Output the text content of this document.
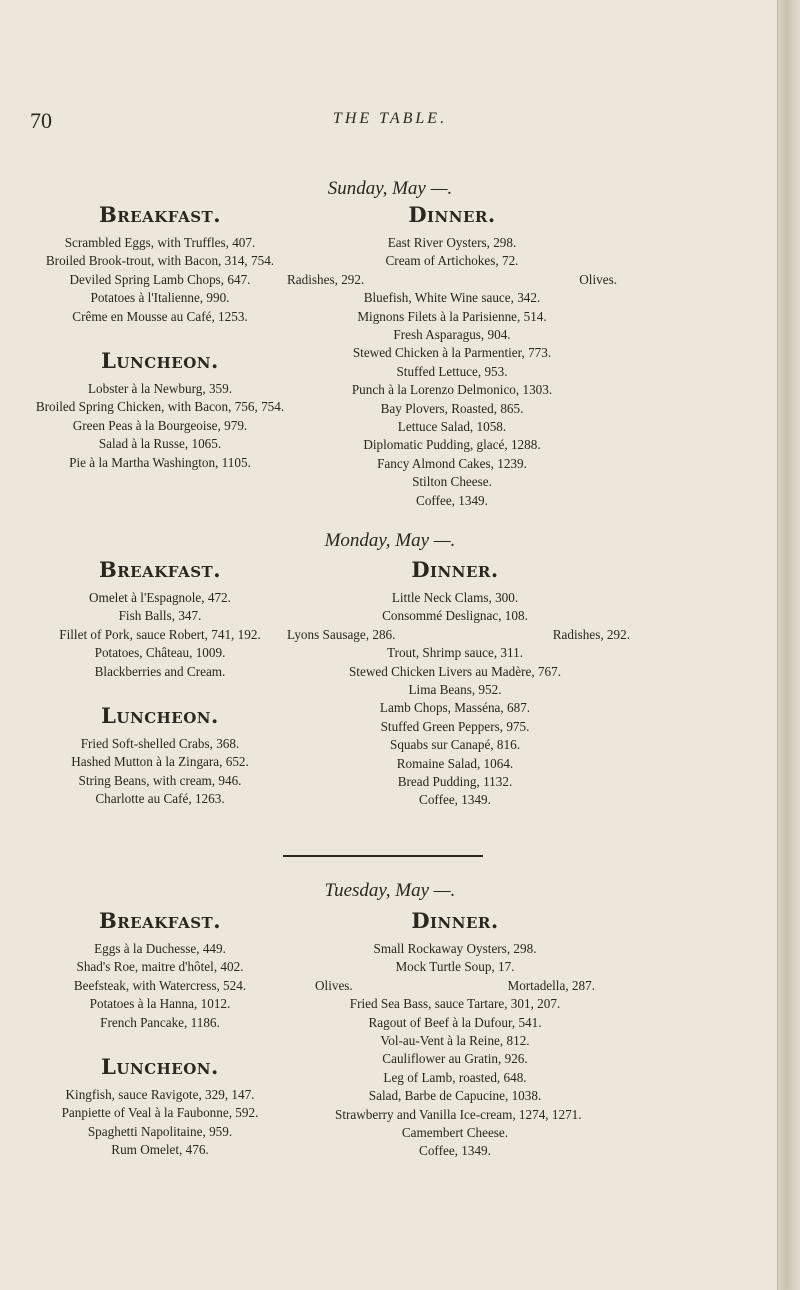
70	THE TABLE.
Sunday, May —.
Breakfast.
Scrambled Eggs, with Truffles, 407.
Broiled Brook-trout, with Bacon, 314, 754.
Deviled Spring Lamb Chops, 647.
Potatoes à l'Italienne, 990.
Crême en Mousse au Café, 1253.
Luncheon.
Lobster à la Newburg, 359.
Broiled Spring Chicken, with Bacon, 756, 754.
Green Peas à la Bourgeoise, 979.
Salad à la Russe, 1065.
Pie à la Martha Washington, 1105.
Dinner.
East River Oysters, 298.
Cream of Artichokes, 72.
Radishes, 292.	Olives.
Bluefish, White Wine sauce, 342.
Mignons Filets à la Parisienne, 514.
Fresh Asparagus, 904.
Stewed Chicken à la Parmentier, 773.
Stuffed Lettuce, 953.
Punch à la Lorenzo Delmonico, 1303.
Bay Plovers, Roasted, 865.
Lettuce Salad, 1058.
Diplomatic Pudding, glacé, 1288.
Fancy Almond Cakes, 1239.
Stilton Cheese.
Coffee, 1349.
Monday, May —.
Breakfast.
Omelet à l'Espagnole, 472.
Fish Balls, 347.
Fillet of Pork, sauce Robert, 741, 192.
Potatoes, Château, 1009.
Blackberries and Cream.
Luncheon.
Fried Soft-shelled Crabs, 368.
Hashed Mutton à la Zingara, 652.
String Beans, with cream, 946.
Charlotte au Café, 1263.
Dinner.
Little Neck Clams, 300.
Consommé Deslignac, 108.
Lyons Sausage, 286.	Radishes, 292.
Trout, Shrimp sauce, 311.
Stewed Chicken Livers au Madère, 767.
Lima Beans, 952.
Lamb Chops, Masséna, 687.
Stuffed Green Peppers, 975.
Squabs sur Canapé, 816.
Romaine Salad, 1064.
Bread Pudding, 1132.
Coffee, 1349.
Tuesday, May —.
Breakfast.
Eggs à la Duchesse, 449.
Shad's Roe, maitre d'hôtel, 402.
Beefsteak, with Watercress, 524.
Potatoes à la Hanna, 1012.
French Pancake, 1186.
Luncheon.
Kingfish, sauce Ravigote, 329, 147.
Panpiette of Veal à la Faubonne, 592.
Spaghetti Napolitaine, 959.
Rum Omelet, 476.
Dinner.
Small Rockaway Oysters, 298.
Mock Turtle Soup, 17.
Olives.	Mortadella, 287.
Fried Sea Bass, sauce Tartare, 301, 207.
Ragout of Beef à la Dufour, 541.
Vol-au-Vent à la Reine, 812.
Cauliflower au Gratin, 926.
Leg of Lamb, roasted, 648.
Salad, Barbe de Capucine, 1038.
Strawberry and Vanilla Ice-cream, 1274, 1271.
Camembert Cheese.
Coffee, 1349.
